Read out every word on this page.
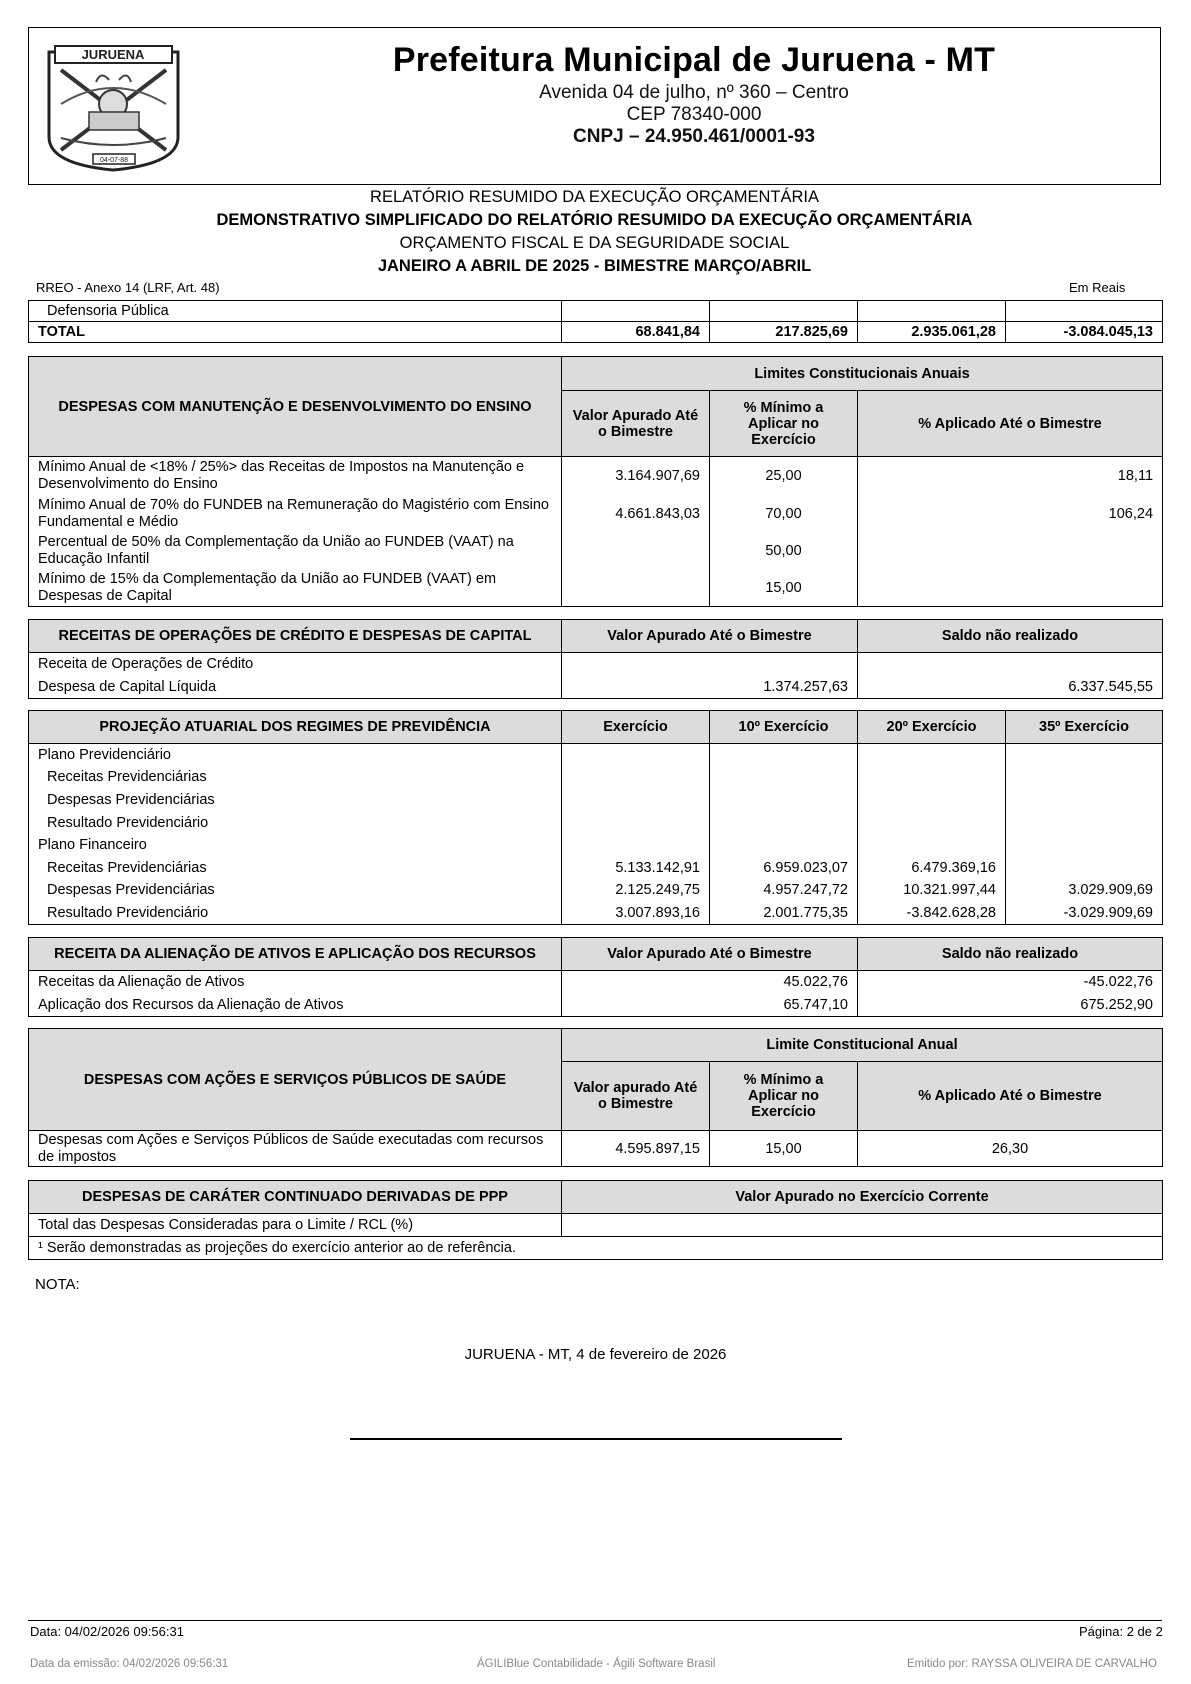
JURUENA
04-07-88
Prefeitura Municipal de Juruena - MT
Avenida 04 de julho, nº 360 – Centro
CEP 78340-000
CNPJ – 24.950.461/0001-93
RELATÓRIO RESUMIDO DA EXECUÇÃO ORÇAMENTÁRIA
DEMONSTRATIVO SIMPLIFICADO DO RELATÓRIO RESUMIDO DA EXECUÇÃO ORÇAMENTÁRIA
ORÇAMENTO FISCAL E DA SEGURIDADE SOCIAL
JANEIRO A ABRIL DE 2025 - BIMESTRE MARÇO/ABRIL
RREO - Anexo 14 (LRF, Art. 48)	Em Reais
Defensoria Pública				
TOTAL	68.841,84	217.825,69	2.935.061,28	-3.084.045,13
DESPESAS COM MANUTENÇÃO E DESENVOLVIMENTO DO ENSINO	Limites Constitucionais Anuais		
	Valor Apurado Até o Bimestre	% Mínimo a Aplicar no Exercício	% Aplicado Até o Bimestre
Mínimo Anual de <18% / 25%> das Receitas de Impostos na Manutenção e Desenvolvimento do Ensino	3.164.907,69	25,00	18,11
Mínimo Anual de 70% do FUNDEB na Remuneração do Magistério com Ensino Fundamental e Médio	4.661.843,03	70,00	106,24
Percentual de 50% da Complementação da União ao FUNDEB (VAAT) na Educação Infantil		50,00	
Mínimo de 15% da Complementação da União ao FUNDEB (VAAT) em Despesas de Capital		15,00	
RECEITAS DE OPERAÇÕES DE CRÉDITO E DESPESAS DE CAPITAL	Valor Apurado Até o Bimestre	Saldo não realizado
Receita de Operações de Crédito		
Despesa de Capital Líquida	1.374.257,63	6.337.545,55
PROJEÇÃO ATUARIAL DOS REGIMES DE PREVIDÊNCIA	Exercício	10º Exercício	20º Exercício	35º Exercício
Plano Previdenciário				
Receitas Previdenciárias				
Despesas Previdenciárias				
Resultado Previdenciário				
Plano Financeiro				
Receitas Previdenciárias	5.133.142,91	6.959.023,07	6.479.369,16	
Despesas Previdenciárias	2.125.249,75	4.957.247,72	10.321.997,44	3.029.909,69
Resultado Previdenciário	3.007.893,16	2.001.775,35	-3.842.628,28	-3.029.909,69
RECEITA DA ALIENAÇÃO DE ATIVOS E APLICAÇÃO DOS RECURSOS	Valor Apurado Até o Bimestre	Saldo não realizado
Receitas da Alienação de Ativos	45.022,76	-45.022,76
Aplicação dos Recursos da Alienação de Ativos	65.747,10	675.252,90
DESPESAS COM AÇÕES E SERVIÇOS PÚBLICOS DE SAÚDE	Limite Constitucional Anual		
	Valor apurado Até o Bimestre	% Mínimo a Aplicar no Exercício	% Aplicado Até o Bimestre
Despesas com Ações e Serviços Públicos de Saúde executadas com recursos de impostos	4.595.897,15	15,00	26,30
DESPESAS DE CARÁTER CONTINUADO DERIVADAS DE PPP	Valor Apurado no Exercício Corrente
Total das Despesas Consideradas para o Limite / RCL (%)	
¹ Serão demonstradas as projeções do exercício anterior ao de referência.	
NOTA:
JURUENA - MT, 4 de fevereiro de 2026
Data: 04/02/2026 09:56:31	Página: 2 de 2
Data da emissão: 04/02/2026 09:56:31	ÁGILIBlue Contabilidade - Ágili Software Brasil	Emitido por: RAYSSA OLIVEIRA DE CARVALHO
